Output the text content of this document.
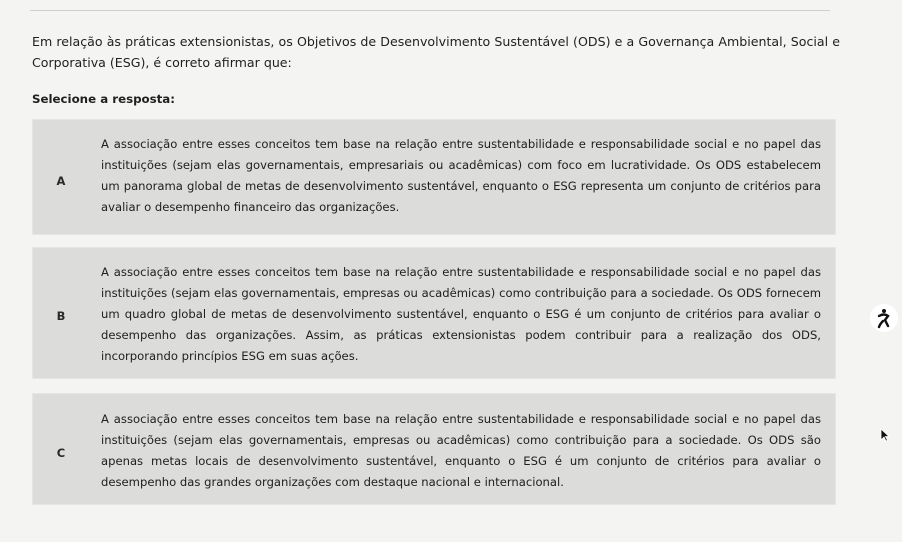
Em relação às práticas extensionistas, os Objetivos de Desenvolvimento Sustentável (ODS) e a Governança Ambiental, Social e Corporativa (ESG), é correto afirmar que:
Selecione a resposta:
A
A associação entre esses conceitos tem base na relação entre sustentabilidade e responsabilidade social e no papel das instituições (sejam elas governamentais, empresariais ou acadêmicas) com foco em lucratividade. Os ODS estabelecem um panorama global de metas de desenvolvimento sustentável, enquanto o ESG representa um conjunto de critérios para avaliar o desempenho financeiro das organizações.
B
A associação entre esses conceitos tem base na relação entre sustentabilidade e responsabilidade social e no papel das instituições (sejam elas governamentais, empresas ou acadêmicas) como contribuição para a sociedade. Os ODS fornecem um quadro global de metas de desenvolvimento sustentável, enquanto o ESG é um conjunto de critérios para avaliar o desempenho das organizações. Assim, as práticas extensionistas podem contribuir para a realização dos ODS, incorporando princípios ESG em suas ações.
C
A associação entre esses conceitos tem base na relação entre sustentabilidade e responsabilidade social e no papel das instituições (sejam elas governamentais, empresas ou acadêmicas) como contribuição para a sociedade. Os ODS são apenas metas locais de desenvolvimento sustentável, enquanto o ESG é um conjunto de critérios para avaliar o desempenho das grandes organizações com destaque nacional e internacional.
